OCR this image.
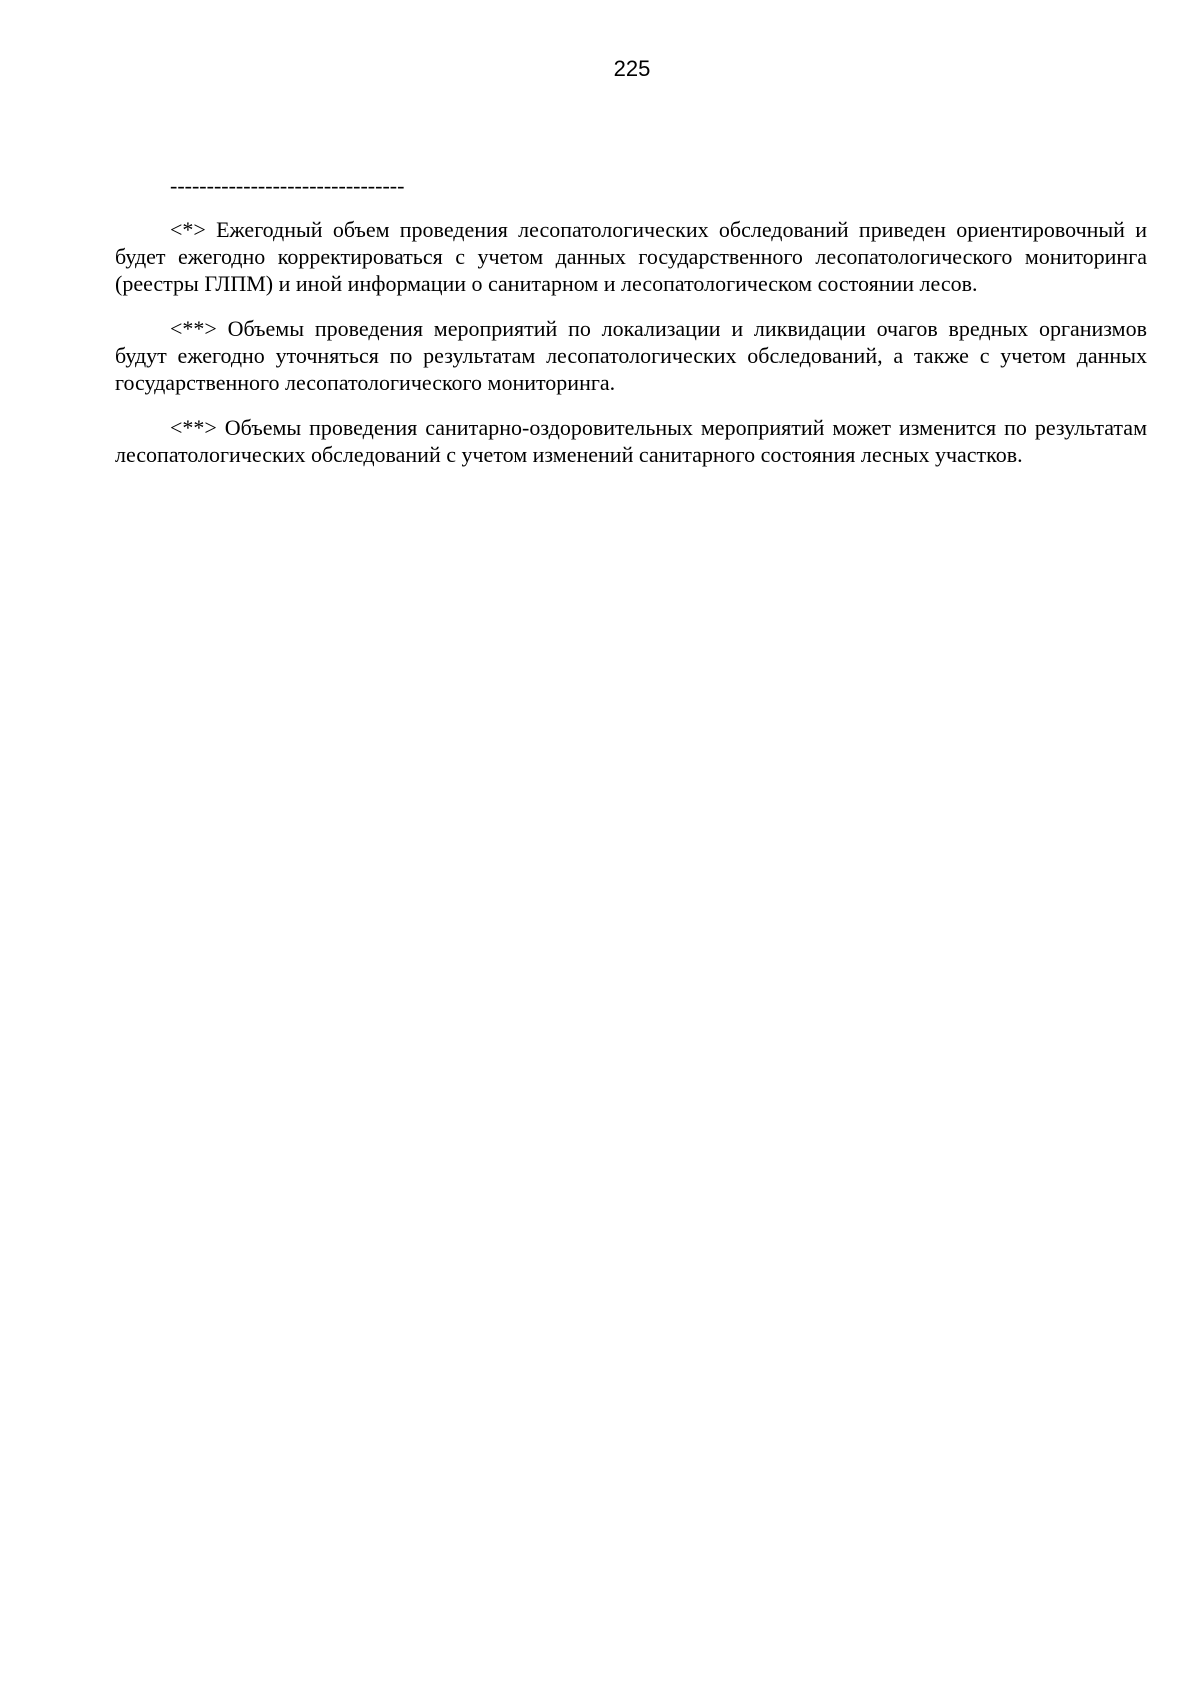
225
--------------------------------

<*> Ежегодный объем проведения лесопатологических обследований приведен ориентировочный и будет ежегодно корректироваться с учетом данных государственного лесопатологического мониторинга (реестры ГЛПМ) и иной информации о санитарном и лесопатологическом состоянии лесов.

<**> Объемы проведения мероприятий по локализации и ликвидации очагов вредных организмов будут ежегодно уточняться по результатам лесопатологических обследований, а также с учетом данных государственного лесопатологического мониторинга.

<**> Объемы проведения санитарно-оздоровительных мероприятий может изменится по результатам лесопатологических обследований с учетом изменений санитарного состояния лесных участков.
